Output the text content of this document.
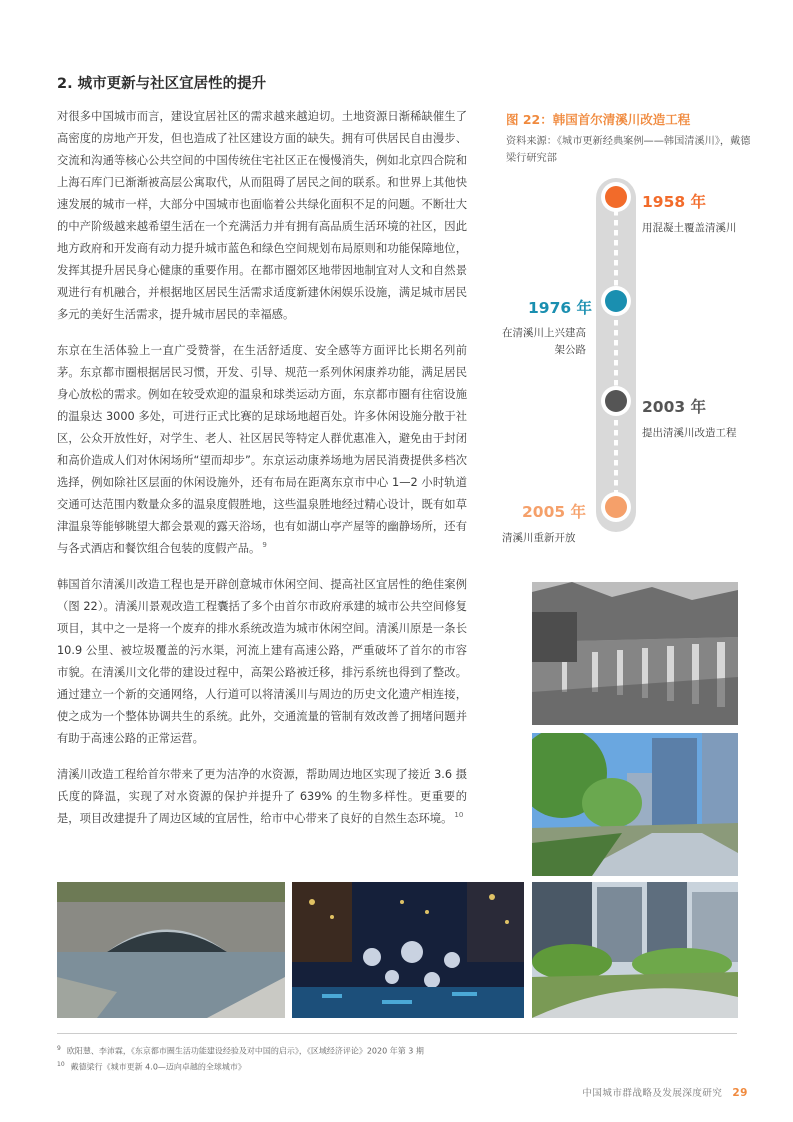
2. 城市更新与社区宜居性的提升

对很多中国城市而言，建设宜居社区的需求越来越迫切。土地资源日渐稀缺催生了高密度的房地产开发，但也造成了社区建设方面的缺失。拥有可供居民自由漫步、交流和沟通等核心公共空间的中国传统住宅社区正在慢慢消失，例如北京四合院和上海石库门已渐渐被高层公寓取代，从而阻碍了居民之间的联系。和世界上其他快速发展的城市一样，大部分中国城市也面临着公共绿化面积不足的问题。不断壮大的中产阶级越来越希望生活在一个充满活力并有拥有高品质生活环境的社区，因此地方政府和开发商有动力提升城市蓝色和绿色空间规划布局原则和功能保障地位，发挥其提升居民身心健康的重要作用。在都市圈郊区地带因地制宜对人文和自然景观进行有机融合，并根据地区居民生活需求适度新建休闲娱乐设施，满足城市居民多元的美好生活需求，提升城市居民的幸福感。

东京在生活体验上一直广受赞誉，在生活舒适度、安全感等方面评比长期名列前茅。东京都市圈根据居民习惯，开发、引导、规范一系列休闲康养功能，满足居民身心放松的需求。例如在较受欢迎的温泉和球类运动方面，东京都市圈有往宿设施的温泉达 3000 多处，可进行正式比赛的足球场地超百处。许多休闲设施分散于社区，公众开放性好，对学生、老人、社区居民等特定人群优惠准入，避免由于封闭和高价造成人们对休闲场所“望而却步”。东京运动康养场地为居民消费提供多档次选择，例如除社区层面的休闲设施外，还有布局在距离东京市中心 1—2 小时轨道交通可达范围内数量众多的温泉度假胜地，这些温泉胜地经过精心设计，既有如草津温泉等能够眺望大都会景观的露天浴场，也有如湖山亭产屋等的幽静场所，还有与各式酒店和餐饮组合包装的度假产品。 $^9$

韩国首尔清溪川改造工程也是开辟创意城市休闲空间、提高社区宜居性的绝佳案例（图 22）。清溪川景观改造工程囊括了多个由首尔市政府承建的城市公共空间修复项目，其中之一是将一个废弃的排水系统改造为城市休闲空间。清溪川原是一条长 10.9 公里、被垃圾覆盖的污水渠，河流上建有高速公路，严重破坏了首尔的市容市貌。在清溪川文化带的建设过程中，高架公路被迁移，排污系统也得到了整改。通过建立一个新的交通网络，人行道可以将清溪川与周边的历史文化遗产相连接，使之成为一个整体协调共生的系统。此外，交通流量的管制有效改善了拥堵问题并有助于高速公路的正常运营。

清溪川改造工程给首尔带来了更为洁净的水资源，帮助周边地区实现了接近 3.6 摄氏度的降温，实现了对水资源的保护并提升了 639% 的生物多样性。更重要的是，项目改建提升了周边区域的宜居性，给市中心带来了良好的自然生态环境。 $^{10}$

图 22：韩国首尔清溪川改造工程
资料来源：《城市更新经典案例——韩国清溪川》，戴德梁行研究部
1958 年
用混凝土覆盖清溪川
1976 年
在清溪川上兴建高架公路
2003 年
提出清溪川改造工程
2005 年
清溪川重新开放
$^9$ 欧阳慧、李沛霖，《东京都市圈生活功能建设经验及对中国的启示》，《区域经济评论》2020 年第 3 期
$^{10}$ 戴德梁行《城市更新 4.0—迈向卓越的全球城市》
中国城市群战略及发展深度研究 29
